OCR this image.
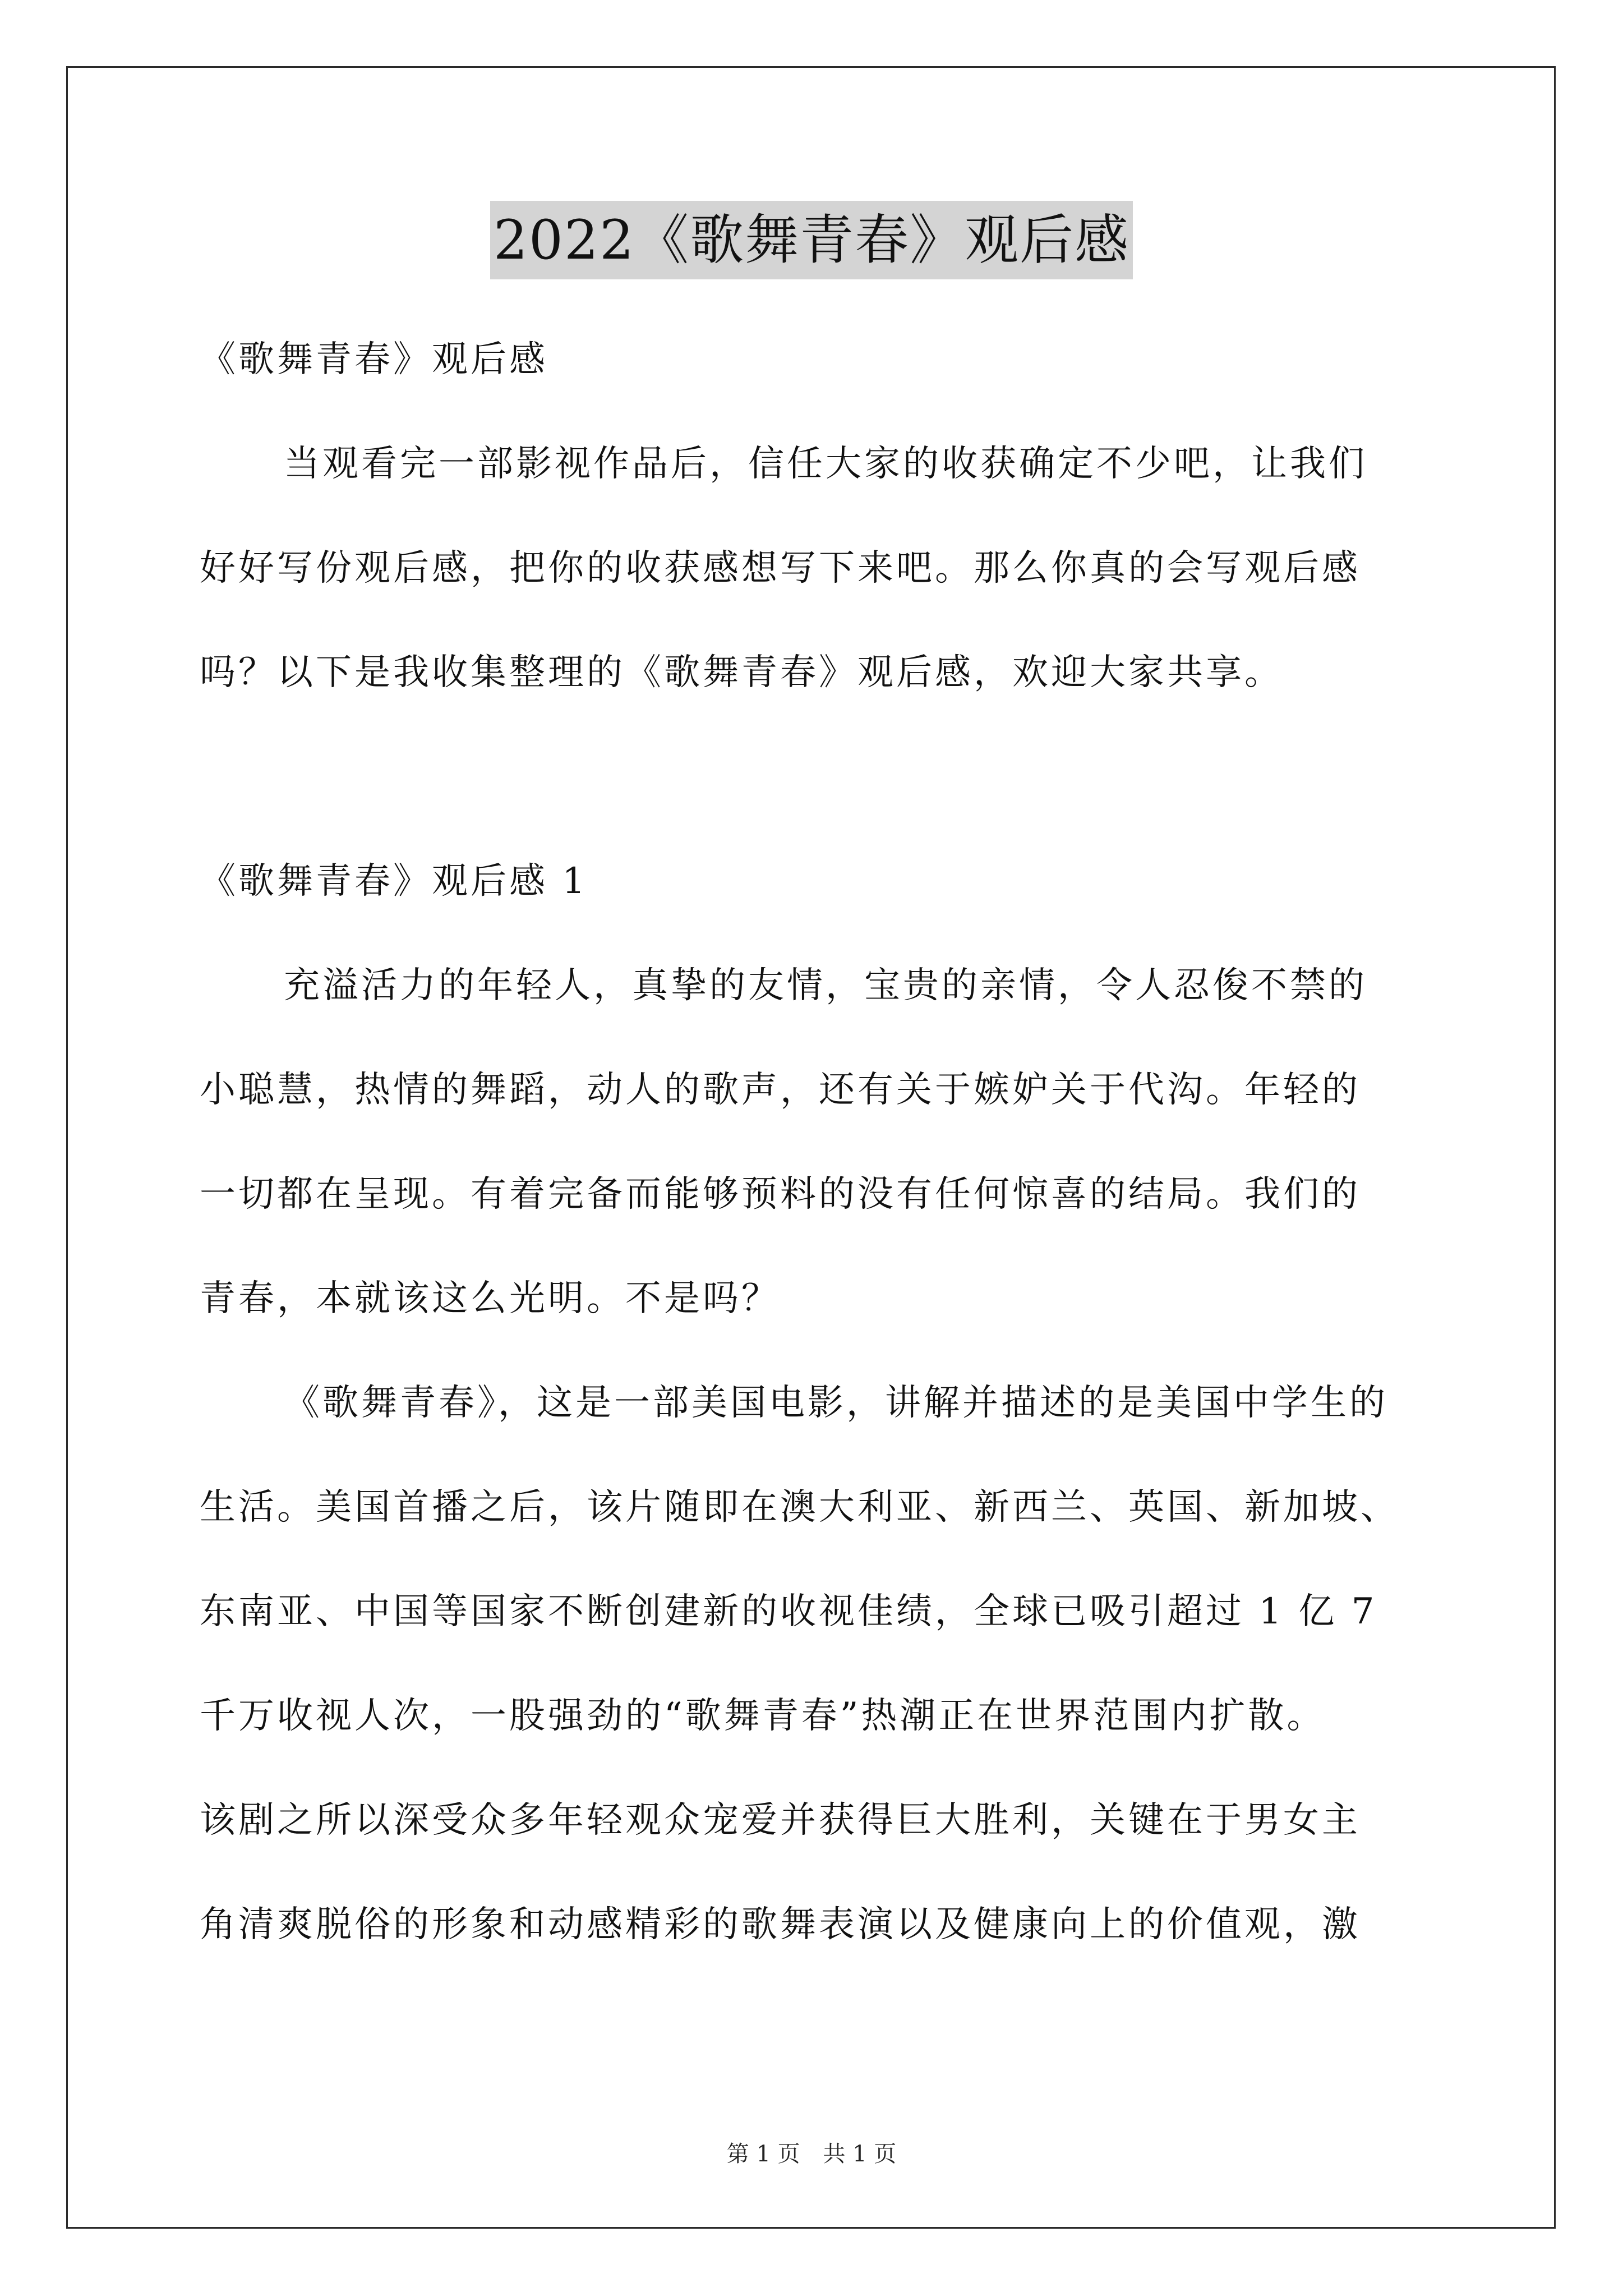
2022《歌舞青春》观后感
《歌舞青春》观后感
当观看完一部影视作品后，信任大家的收获确定不少吧，让我们
好好写份观后感，把你的收获感想写下来吧。那么你真的会写观后感
吗？以下是我收集整理的《歌舞青春》观后感，欢迎大家共享。
《歌舞青春》观后感 1
充溢活力的年轻人，真挚的友情，宝贵的亲情，令人忍俊不禁的
小聪慧，热情的舞蹈，动人的歌声，还有关于嫉妒关于代沟。年轻的
一切都在呈现。有着完备而能够预料的没有任何惊喜的结局。我们的
青春，本就该这么光明。不是吗？
《歌舞青春》，这是一部美国电影，讲解并描述的是美国中学生的
生活。美国首播之后，该片随即在澳大利亚、新西兰、英国、新加坡、
东南亚、中国等国家不断创建新的收视佳绩，全球已吸引超过 1 亿 7
千万收视人次，一股强劲的“歌舞青春”热潮正在世界范围内扩散。
该剧之所以深受众多年轻观众宠爱并获得巨大胜利，关键在于男女主
角清爽脱俗的形象和动感精彩的歌舞表演以及健康向上的价值观，激
第 1 页 共 1 页
